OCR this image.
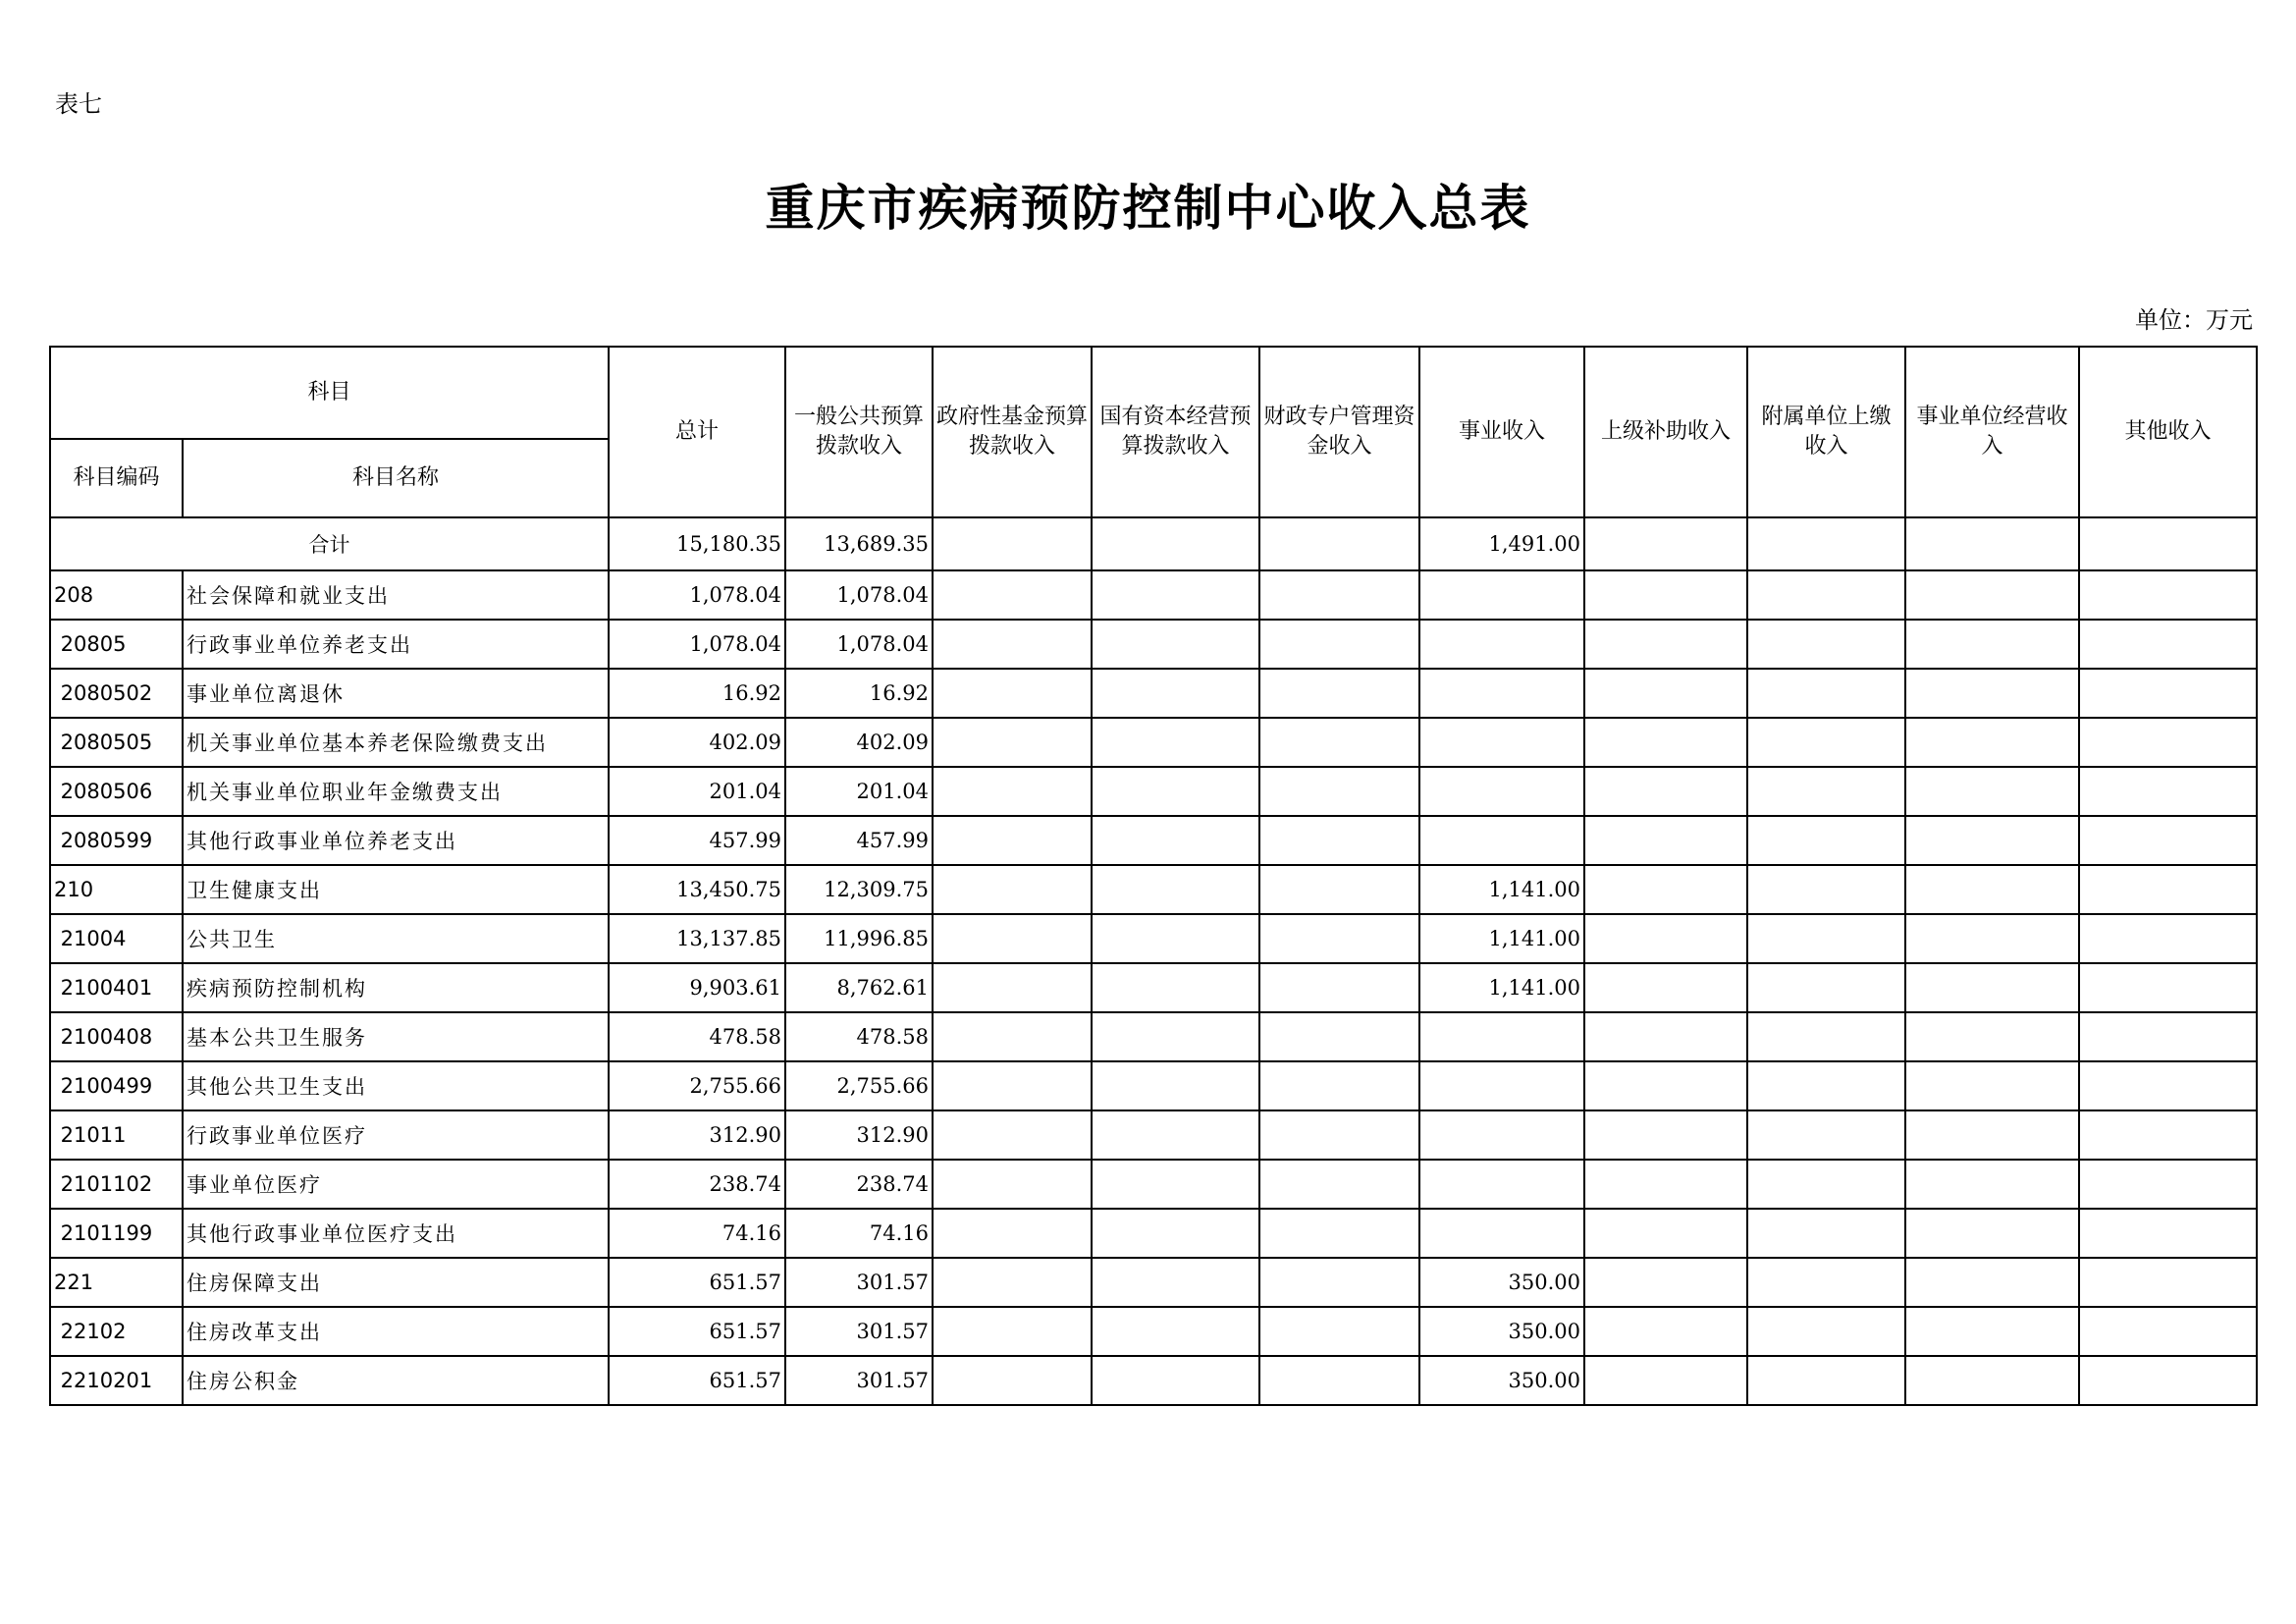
表七
重庆市疾病预防控制中心收入总表
单位：万元
科目		总计	一般公共预算拨款收入	政府性基金预算拨款收入	国有资本经营预算拨款收入	财政专户管理资金收入	事业收入	上级补助收入	附属单位上缴收入	事业单位经营收入	其他收入
科目编码	科目名称										
合计		15,180.35	13,689.35				1,491.00				
208	社会保障和就业支出	1,078.04	1,078.04								
20805	行政事业单位养老支出	1,078.04	1,078.04								
2080502	事业单位离退休	16.92	16.92								
2080505	机关事业单位基本养老保险缴费支出	402.09	402.09								
2080506	机关事业单位职业年金缴费支出	201.04	201.04								
2080599	其他行政事业单位养老支出	457.99	457.99								
210	卫生健康支出	13,450.75	12,309.75				1,141.00				
21004	公共卫生	13,137.85	11,996.85				1,141.00				
2100401	疾病预防控制机构	9,903.61	8,762.61				1,141.00				
2100408	基本公共卫生服务	478.58	478.58								
2100499	其他公共卫生支出	2,755.66	2,755.66								
21011	行政事业单位医疗	312.90	312.90								
2101102	事业单位医疗	238.74	238.74								
2101199	其他行政事业单位医疗支出	74.16	74.16								
221	住房保障支出	651.57	301.57				350.00				
22102	住房改革支出	651.57	301.57				350.00				
2210201	住房公积金	651.57	301.57				350.00				
